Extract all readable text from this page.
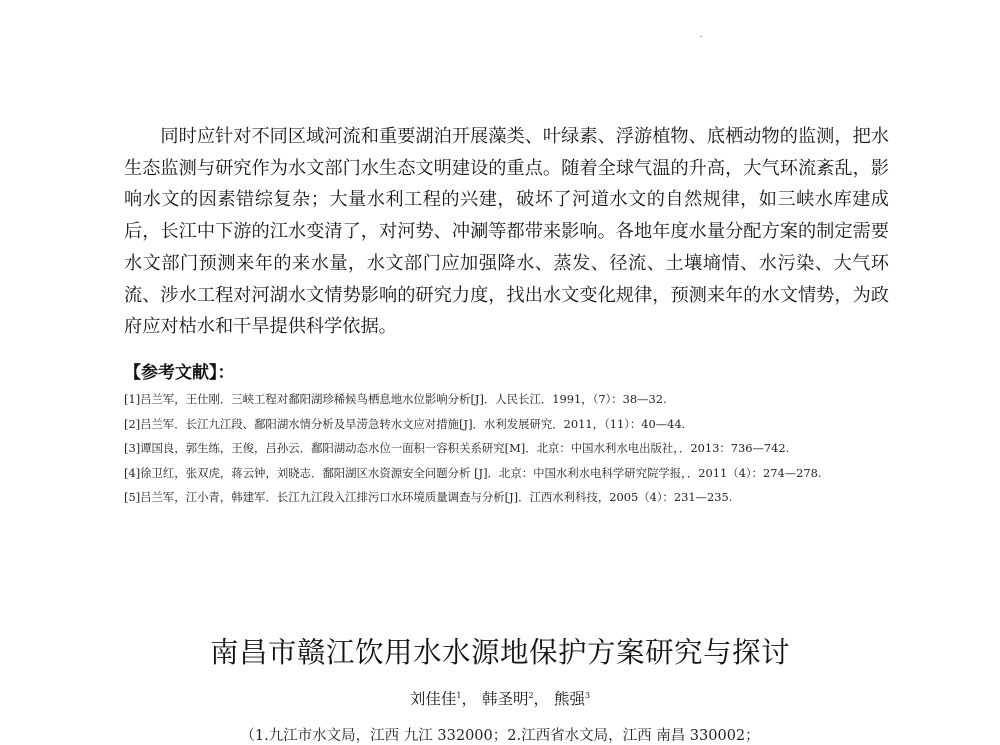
同时应针对不同区域河流和重要湖泊开展藻类、叶绿素、浮游植物、底栖动物的监测，把水生态监测与研究作为水文部门水生态文明建设的重点。随着全球气温的升高，大气环流紊乱，影响水文的因素错综复杂；大量水利工程的兴建，破坏了河道水文的自然规律，如三峡水库建成后，长江中下游的江水变清了，对河势、冲涮等都带来影响。各地年度水量分配方案的制定需要水文部门预测来年的来水量，水文部门应加强降水、蒸发、径流、土壤墒情、水污染、大气环流、涉水工程对河湖水文情势影响的研究力度，找出水文变化规律，预测来年的水文情势，为政府应对枯水和干旱提供科学依据。

【参考文献】：
[1]吕兰军，王仕刚．三峡工程对鄱阳湖珍稀候鸟栖息地水位影响分析[J]．人民长江．1991，（7）：38—32.
[2]吕兰军．长江九江段、鄱阳湖水情分析及旱涝急转水文应对措施[J]．水利发展研究．2011，（11）：40—44.
[3]谭国良，郭生练，王俊，吕孙云．鄱阳湖动态水位一面积一容积关系研究[M]．北京：中国水利水电出版社，．2013：736—742.
[4]徐卫红，张双虎，蒋云钟，刘晓志．鄱阳湖区水资源安全问题分析 [J]．北京：中国水利水电科学研究院学报，．2011（4）：274—278.
[5]吕兰军，江小青，韩建军．长江九江段入江排污口水环境质量调查与分析[J]．江西水利科技，2005（4）：231—235.
南昌市赣江饮用水水源地保护方案研究与探讨
刘佳佳$^1$， 韩圣明$^2$， 熊强$^3$
（1.九江市水文局，江西 九江 332000；2.江西省水文局，江西 南昌 330002；
